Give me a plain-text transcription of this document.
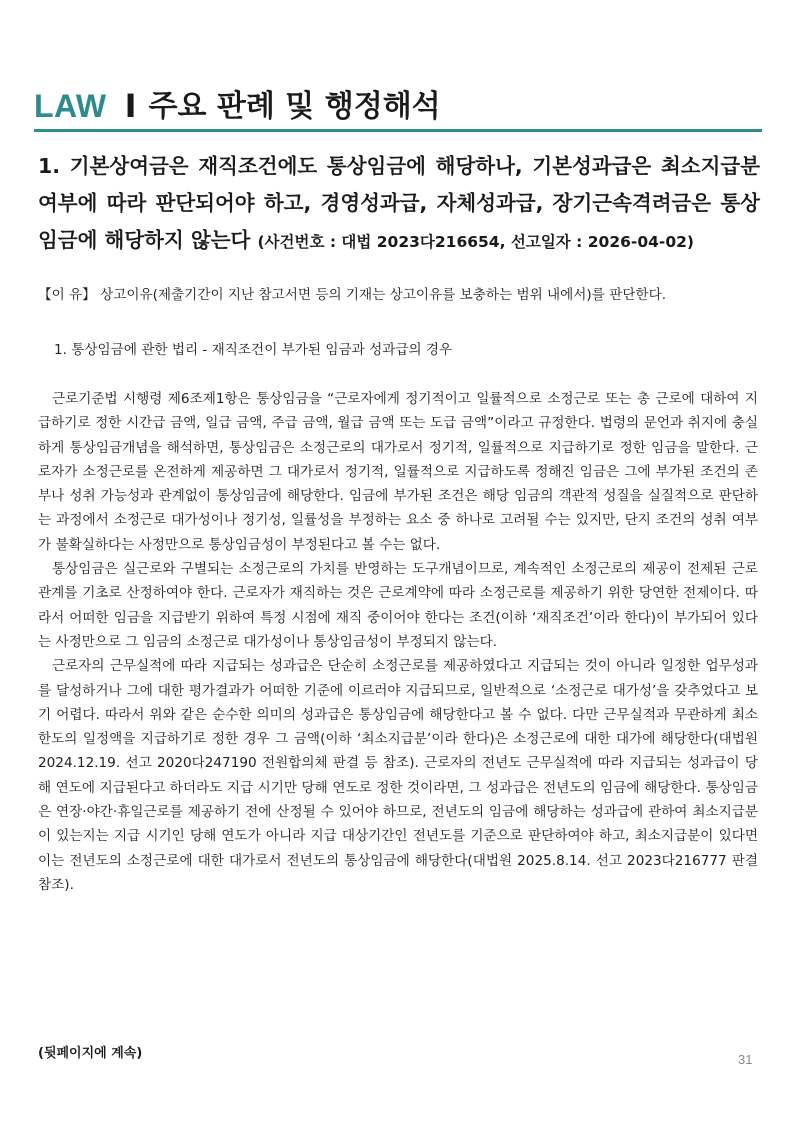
LAW I 주요 판례 및 행정해석
1. 기본상여금은 재직조건에도 통상임금에 해당하나, 기본성과급은 최소지급분 여부에 따라 판단되어야 하고, 경영성과급, 자체성과급, 장기근속격려금은 통상임금에 해당하지 않는다 (사건번호 : 대법 2023다216654, 선고일자 : 2026-04-02)
【이 유】 상고이유(제출기간이 지난 참고서면 등의 기재는 상고이유를 보충하는 범위 내에서)를 판단한다.
1. 통상임금에 관한 법리 - 재직조건이 부가된 임금과 성과급의 경우

근로기준법 시행령 제6조제1항은 통상임금을 “근로자에게 정기적이고 일률적으로 소정근로 또는 총 근로에 대하여 지급하기로 정한 시간급 금액, 일급 금액, 주급 금액, 월급 금액 또는 도급 금액”이라고 규정한다. 법령의 문언과 취지에 충실하게 통상임금개념을 해석하면, 통상임금은 소정근로의 대가로서 정기적, 일률적으로 지급하기로 정한 임금을 말한다. 근로자가 소정근로를 온전하게 제공하면 그 대가로서 정기적, 일률적으로 지급하도록 정해진 임금은 그에 부가된 조건의 존부나 성취 가능성과 관계없이 통상임금에 해당한다. 임금에 부가된 조건은 해당 임금의 객관적 성질을 실질적으로 판단하는 과정에서 소정근로 대가성이나 정기성, 일률성을 부정하는 요소 중 하나로 고려될 수는 있지만, 단지 조건의 성취 여부가 불확실하다는 사정만으로 통상임금성이 부정된다고 볼 수는 없다.

통상임금은 실근로와 구별되는 소정근로의 가치를 반영하는 도구개념이므로, 계속적인 소정근로의 제공이 전제된 근로관계를 기초로 산정하여야 한다. 근로자가 재직하는 것은 근로계약에 따라 소정근로를 제공하기 위한 당연한 전제이다. 따라서 어떠한 임금을 지급받기 위하여 특정 시점에 재직 중이어야 한다는 조건(이하 ‘재직조건’이라 한다)이 부가되어 있다는 사정만으로 그 임금의 소정근로 대가성이나 통상임금성이 부정되지 않는다.

근로자의 근무실적에 따라 지급되는 성과급은 단순히 소정근로를 제공하였다고 지급되는 것이 아니라 일정한 업무성과를 달성하거나 그에 대한 평가결과가 어떠한 기준에 이르러야 지급되므로, 일반적으로 ‘소정근로 대가성’을 갖추었다고 보기 어렵다. 따라서 위와 같은 순수한 의미의 성과급은 통상임금에 해당한다고 볼 수 없다. 다만 근무실적과 무관하게 최소한도의 일정액을 지급하기로 정한 경우 그 금액(이하 ‘최소지급분’이라 한다)은 소정근로에 대한 대가에 해당한다(대법원 2024.12.19. 선고 2020다247190 전원합의체 판결 등 참조). 근로자의 전년도 근무실적에 따라 지급되는 성과급이 당해 연도에 지급된다고 하더라도 지급 시기만 당해 연도로 정한 것이라면, 그 성과급은 전년도의 임금에 해당한다. 통상임금은 연장·야간·휴일근로를 제공하기 전에 산정될 수 있어야 하므로, 전년도의 임금에 해당하는 성과급에 관하여 최소지급분이 있는지는 지급 시기인 당해 연도가 아니라 지급 대상기간인 전년도를 기준으로 판단하여야 하고, 최소지급분이 있다면 이는 전년도의 소정근로에 대한 대가로서 전년도의 통상임금에 해당한다(대법원 2025.8.14. 선고 2023다216777 판결 참조).

(뒷페이지에 계속)	31
